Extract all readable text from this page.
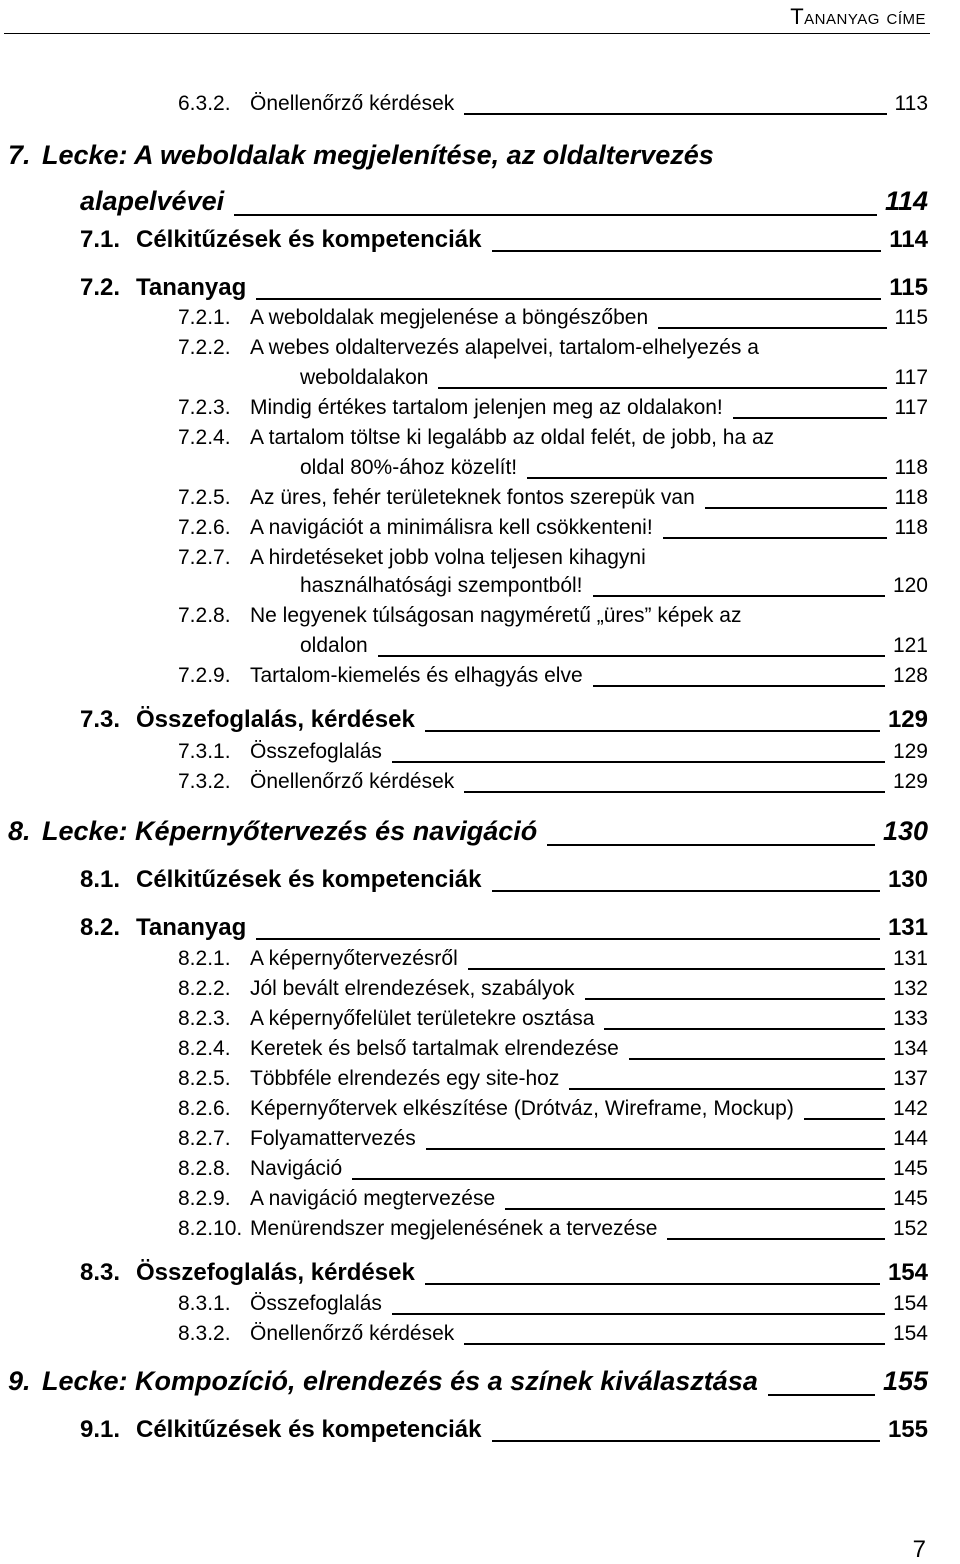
Tananyag címe
6.3.2. Önellenőrző kérdések	113
7. Lecke: A weboldalak megjelenítése, az oldaltervezés
alapelvévei	114
7.1. Célkitűzések és kompetenciák	114
7.2. Tananyag	115
7.2.1. A weboldalak megjelenése a böngészőben	115
7.2.2. A webes oldaltervezés alapelvei, tartalom-elhelyezés a
weboldalakon	117
7.2.3. Mindig értékes tartalom jelenjen meg az oldalakon!	117
7.2.4. A tartalom töltse ki legalább az oldal felét, de jobb, ha az
oldal 80%-ához közelít!	118
7.2.5. Az üres, fehér területeknek fontos szerepük van	118
7.2.6. A navigációt a minimálisra kell csökkenteni!	118
7.2.7. A hirdetéseket jobb volna teljesen kihagyni
használhatósági szempontból!	120
7.2.8. Ne legyenek túlságosan nagyméretű „üres” képek az
oldalon	121
7.2.9. Tartalom-kiemelés és elhagyás elve	128
7.3. Összefoglalás, kérdések	129
7.3.1. Összefoglalás	129
7.3.2. Önellenőrző kérdések	129
8. Lecke: Képernyőtervezés és navigáció	130
8.1. Célkitűzések és kompetenciák	130
8.2. Tananyag	131
8.2.1. A képernyőtervezésről	131
8.2.2. Jól bevált elrendezések, szabályok	132
8.2.3. A képernyőfelület területekre osztása	133
8.2.4. Keretek és belső tartalmak elrendezése	134
8.2.5. Többféle elrendezés egy site-hoz	137
8.2.6. Képernyőtervek elkészítése (Drótváz, Wireframe, Mockup)	142
8.2.7. Folyamattervezés	144
8.2.8. Navigáció	145
8.2.9. A navigáció megtervezése	145
8.2.10. Menürendszer megjelenésének a tervezése	152
8.3. Összefoglalás, kérdések	154
8.3.1. Összefoglalás	154
8.3.2. Önellenőrző kérdések	154
9. Lecke: Kompozíció, elrendezés és a színek kiválasztása	155
9.1. Célkitűzések és kompetenciák	155
7
